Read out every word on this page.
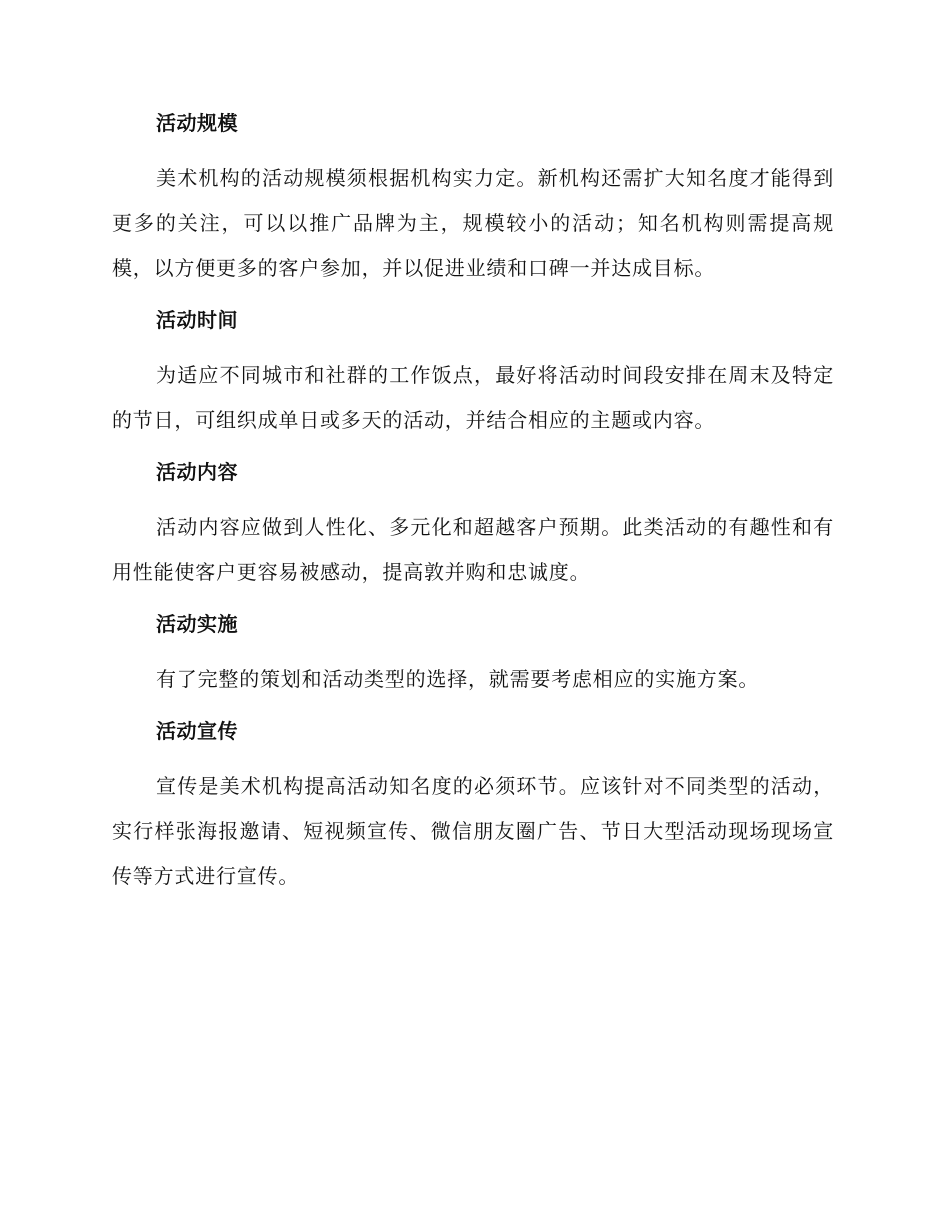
活动规模

美术机构的活动规模须根据机构实力定。新机构还需扩大知名度才能得到更多的关注，可以以推广品牌为主，规模较小的活动；知名机构则需提高规模，以方便更多的客户参加，并以促进业绩和口碑一并达成目标。

活动时间

为适应不同城市和社群的工作饭点，最好将活动时间段安排在周末及特定的节日，可组织成单日或多天的活动，并结合相应的主题或内容。

活动内容

活动内容应做到人性化、多元化和超越客户预期。此类活动的有趣性和有用性能使客户更容易被感动，提高敦并购和忠诚度。

活动实施

有了完整的策划和活动类型的选择，就需要考虑相应的实施方案。

活动宣传

宣传是美术机构提高活动知名度的必须环节。应该针对不同类型的活动，实行样张海报邀请、短视频宣传、微信朋友圈广告、节日大型活动现场现场宣传等方式进行宣传。
